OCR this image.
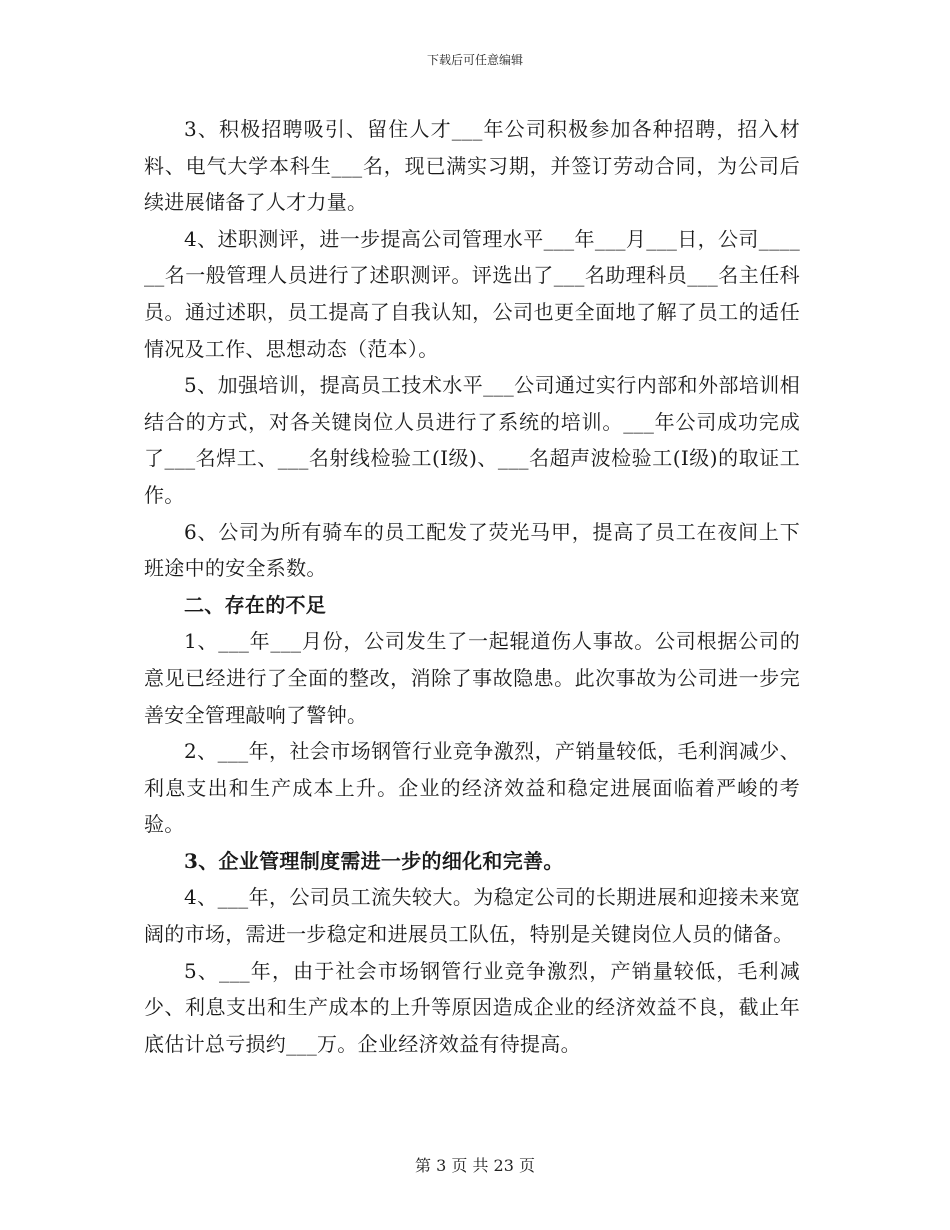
下载后可任意编辑

3、积极招聘吸引、留住人才___年公司积极参加各种招聘，招入材料、电气大学本科生___名，现已满实习期，并签订劳动合同，为公司后续进展储备了人才力量。

4、述职测评，进一步提高公司管理水平___年___月___日，公司______名一般管理人员进行了述职测评。评选出了___名助理科员___名主任科员。通过述职，员工提高了自我认知，公司也更全面地了解了员工的适任情况及工作、思想动态（范本）。

5、加强培训，提高员工技术水平___公司通过实行内部和外部培训相结合的方式，对各关键岗位人员进行了系统的培训。___年公司成功完成了___名焊工、___名射线检验工(I级)、___名超声波检验工(I级)的取证工作。

6、公司为所有骑车的员工配发了荧光马甲，提高了员工在夜间上下班途中的安全系数。

二、存在的不足

1、___年___月份，公司发生了一起辊道伤人事故。公司根据公司的意见已经进行了全面的整改，消除了事故隐患。此次事故为公司进一步完善安全管理敲响了警钟。

2、___年，社会市场钢管行业竞争激烈，产销量较低，毛利润减少、利息支出和生产成本上升。企业的经济效益和稳定进展面临着严峻的考验。

3、企业管理制度需进一步的细化和完善。

4、___年，公司员工流失较大。为稳定公司的长期进展和迎接未来宽阔的市场，需进一步稳定和进展员工队伍，特别是关键岗位人员的储备。

5、___年，由于社会市场钢管行业竞争激烈，产销量较低，毛利减少、利息支出和生产成本的上升等原因造成企业的经济效益不良，截止年底估计总亏损约___万。企业经济效益有待提高。

第 3 页 共 23 页
